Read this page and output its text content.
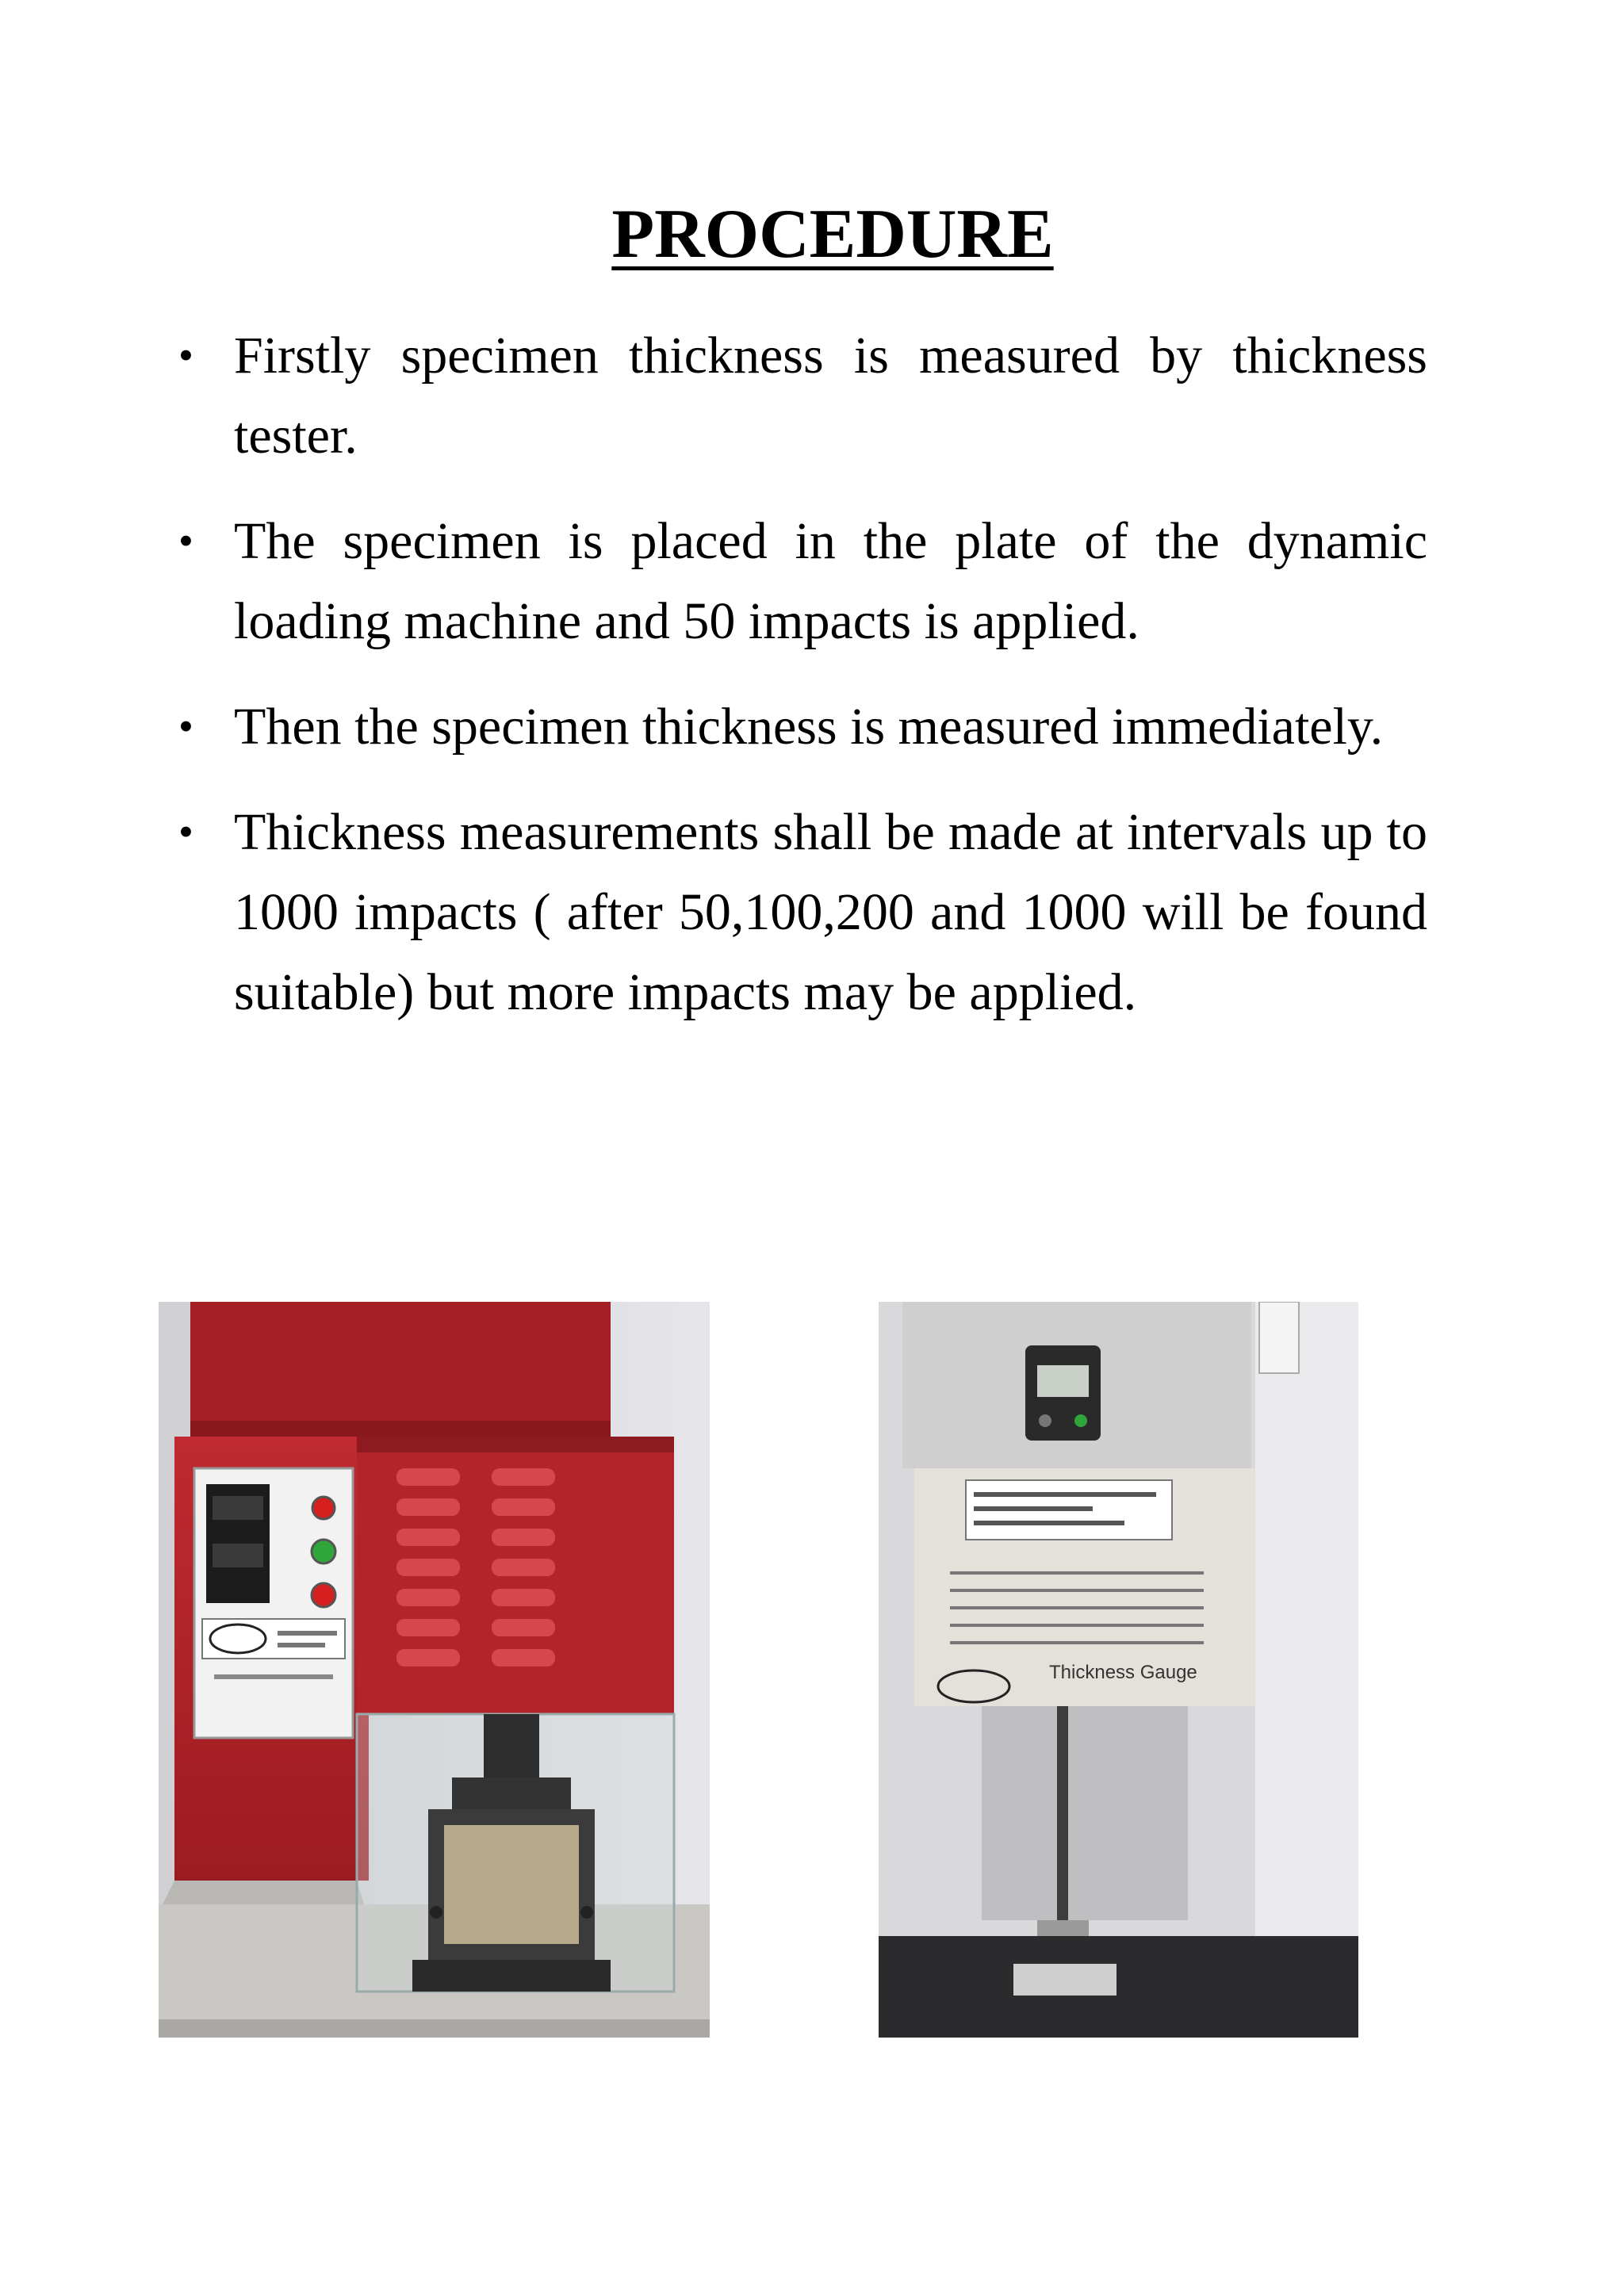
PROCEDURE
• Firstly specimen thickness is measured by thickness tester.
• The specimen is placed in the plate of the dynamic loading machine and 50 impacts is applied.
• Then the specimen thickness is measured immediately.
• Thickness measurements shall be made at intervals up to 1000 impacts ( after 50,100,200 and 1000 will be found suitable) but more impacts may be applied.
Thickness Gauge
